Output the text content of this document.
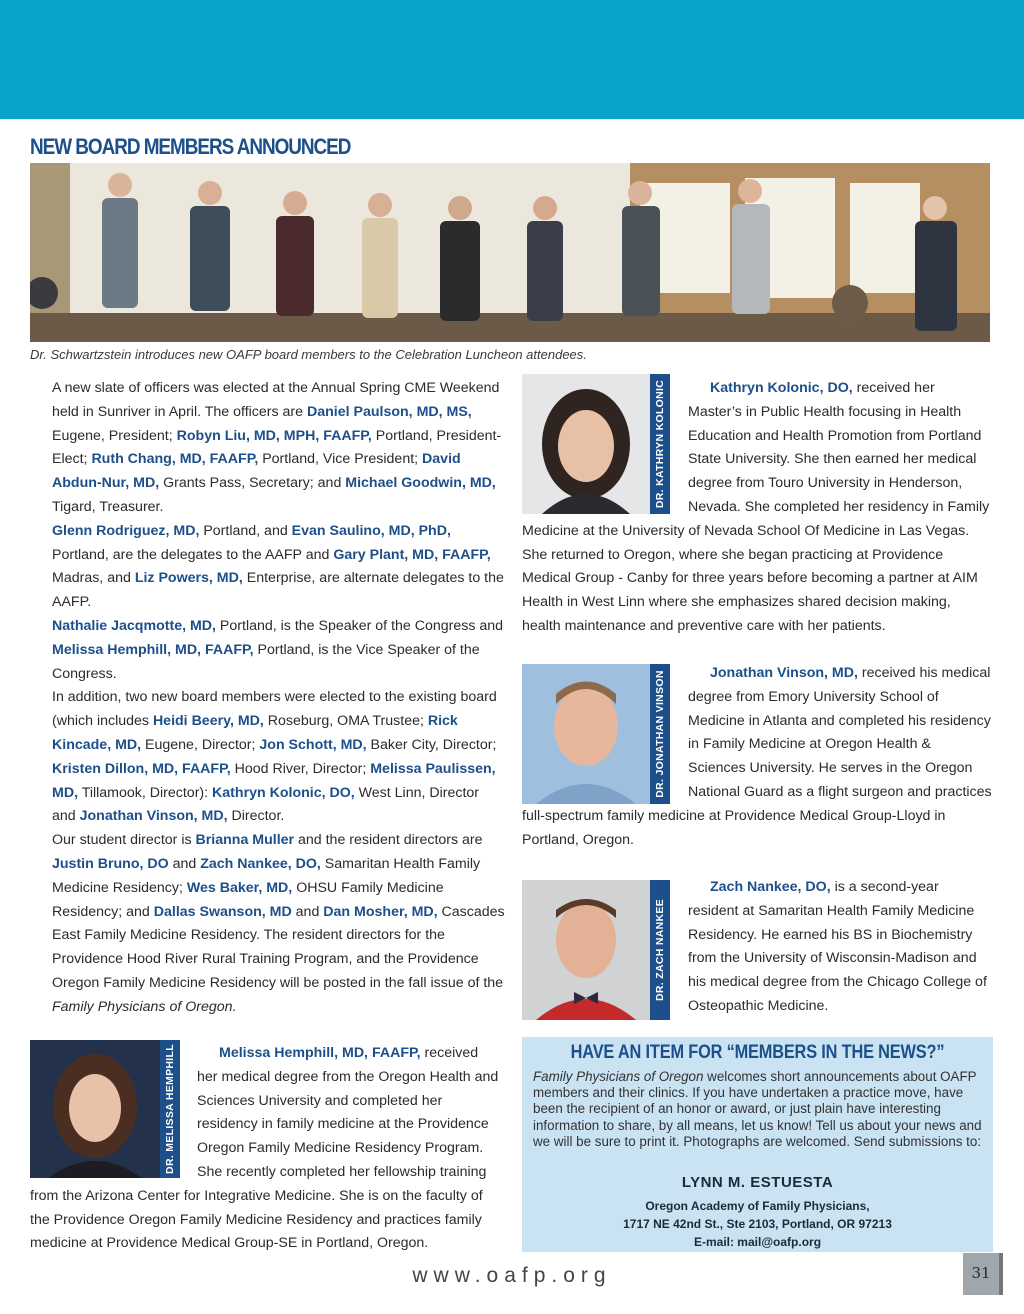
NEW BOARD MEMBERS ANNOUNCED
Dr. Schwartzstein introduces new OAFP board members to the Celebration Luncheon attendees.
A new slate of officers was elected at the Annual Spring CME Weekend held in Sunriver in April. The officers are Daniel Paulson, MD, MS, Eugene, President; Robyn Liu, MD, MPH, FAAFP, Portland, President-Elect; Ruth Chang, MD, FAAFP, Portland, Vice President; David Abdun-Nur, MD, Grants Pass, Secretary; and Michael Goodwin, MD, Tigard, Treasurer.
Glenn Rodriguez, MD, Portland, and Evan Saulino, MD, PhD, Portland, are the delegates to the AAFP and Gary Plant, MD, FAAFP, Madras, and Liz Powers, MD, Enterprise, are alternate delegates to the AAFP.
Nathalie Jacqmotte, MD, Portland, is the Speaker of the Congress and Melissa Hemphill, MD, FAAFP, Portland, is the Vice Speaker of the Congress.
In addition, two new board members were elected to the existing board (which includes Heidi Beery, MD, Roseburg, OMA Trustee; Rick Kincade, MD, Eugene, Director; Jon Schott, MD, Baker City, Director; Kristen Dillon, MD, FAAFP, Hood River, Director; Melissa Paulissen, MD, Tillamook, Director): Kathryn Kolonic, DO, West Linn, Director and Jonathan Vinson, MD, Director.
Our student director is Brianna Muller and the resident directors are Justin Bruno, DO and Zach Nankee, DO, Samaritan Health Family Medicine Residency; Wes Baker, MD, OHSU Family Medicine Residency; and Dallas Swanson, MD and Dan Mosher, MD, Cascades East Family Medicine Residency. The resident directors for the Providence Hood River Rural Training Program, and the Providence Oregon Family Medicine Residency will be posted in the fall issue of the Family Physicians of Oregon.
DR. KATHRYN KOLONIC	Kathryn Kolonic, DO, received her Master’s in Public Health focusing in Health Education and Health Promotion from Portland State University. She then earned her medical degree from Touro University in Henderson, Nevada. She completed her residency in Family Medicine at the University of Nevada School Of Medicine in Las Vegas. She returned to Oregon, where she began practicing at Providence Medical Group - Canby for three years before becoming a partner at AIM Health in West Linn where she emphasizes shared decision making, health maintenance and preventive care with her patients.
DR. JONATHAN VINSON	Jonathan Vinson, MD, received his medical degree from Emory University School of Medicine in Atlanta and completed his residency in Family Medicine at Oregon Health & Sciences University. He serves in the Oregon National Guard as a flight surgeon and practices full-spectrum family medicine at Providence Medical Group-Lloyd in Portland, Oregon.
DR. ZACH NANKEE
Zach Nankee, DO, is a second-year resident at Samaritan Health Family Medicine Residency. He earned his BS in Biochemistry from the University of Wisconsin-Madison and his medical degree from the Chicago College of Osteopathic Medicine.
DR. MELISSA HEMPHILL	Melissa Hemphill, MD, FAAFP, received her medical degree from the Oregon Health and Sciences University and completed her residency in family medicine at the Providence Oregon Family Medicine Residency Program. She recently completed her fellowship training from the Arizona Center for Integrative Medicine. She is on the faculty of the Providence Oregon Family Medicine Residency and practices family medicine at Providence Medical Group-SE in Portland, Oregon.
HAVE AN ITEM FOR “MEMBERS IN THE NEWS?”
Family Physicians of Oregon welcomes short announcements about OAFP members and their clinics. If you have undertaken a practice move, have been the recipient of an honor or award, or just plain have interesting information to share, by all means, let us know! Tell us about your news and we will be sure to print it. Photographs are welcomed. Send submissions to:
LYNN M. ESTUESTA
Oregon Academy of Family Physicians,
1717 NE 42nd St., Ste 2103, Portland, OR 97213
E-mail: mail@oafp.org
www.oafp.org	31
